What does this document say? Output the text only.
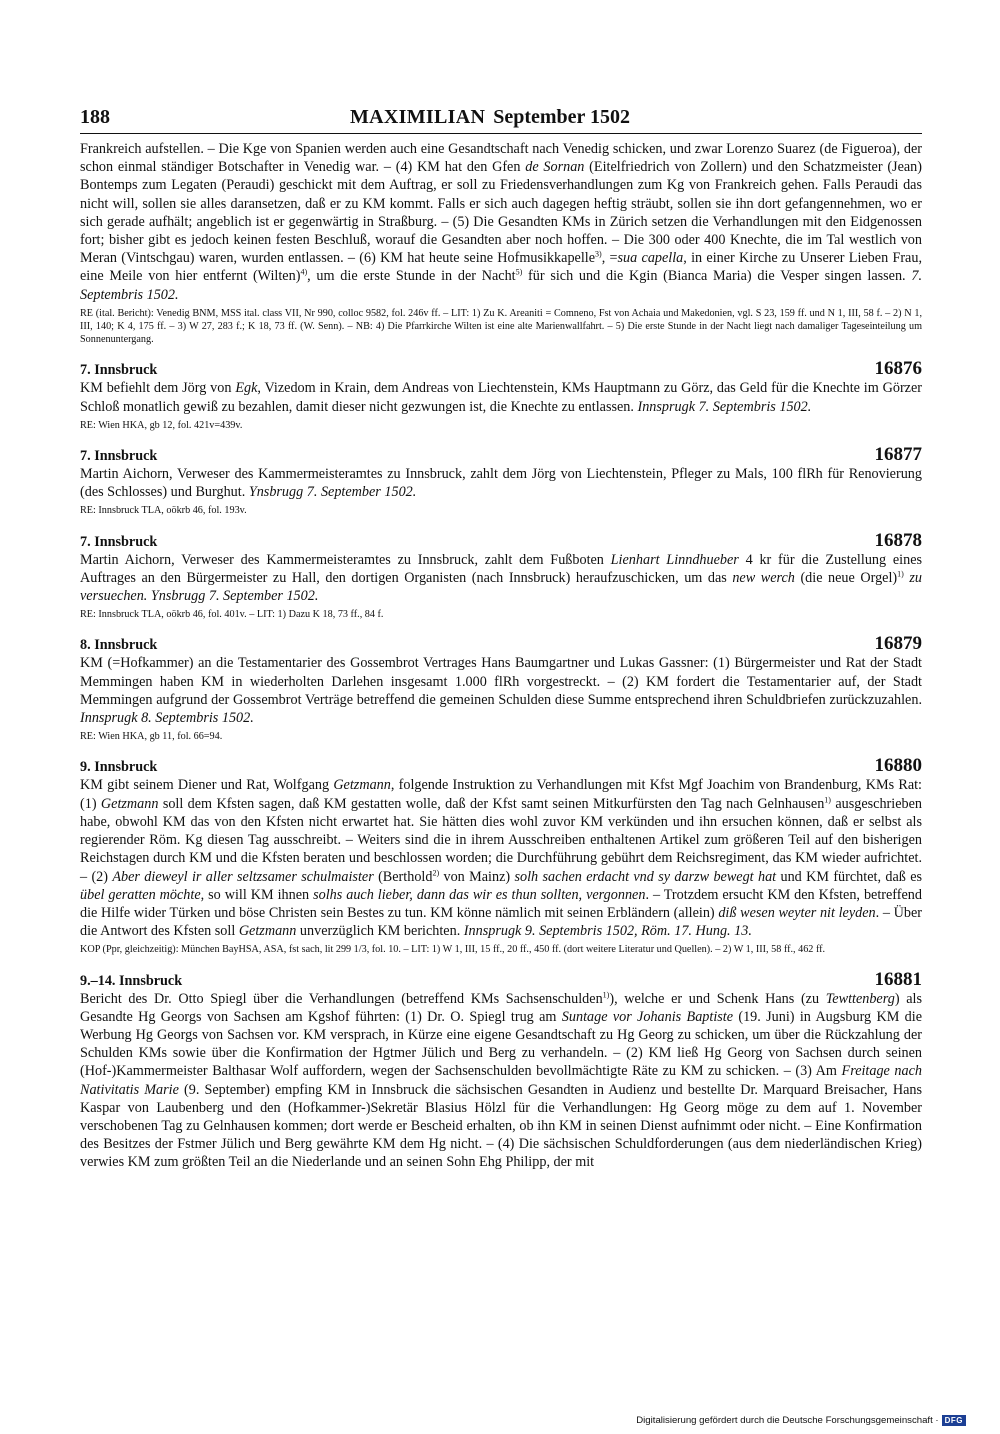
188	MAXIMILIAN September 1502

Frankreich aufstellen. – Die Kge von Spanien werden auch eine Gesandtschaft nach Venedig schicken, und zwar Lorenzo Suarez (de Figueroa), der schon einmal ständiger Botschafter in Venedig war. – (4) KM hat den Gfen de Sornan (Eitelfriedrich von Zollern) und den Schatzmeister (Jean) Bontemps zum Legaten (Peraudi) geschickt mit dem Auftrag, er soll zu Friedensverhandlungen zum Kg von Frankreich gehen. Falls Peraudi das nicht will, sollen sie alles daransetzen, daß er zu KM kommt. Falls er sich auch dagegen heftig sträubt, sollen sie ihn dort gefangennehmen, wo er sich gerade aufhält; angeblich ist er gegenwärtig in Straßburg. – (5) Die Gesandten KMs in Zürich setzen die Verhandlungen mit den Eidgenossen fort; bisher gibt es jedoch keinen festen Beschluß, worauf die Gesandten aber noch hoffen. – Die 300 oder 400 Knechte, die im Tal westlich von Meran (Vintschgau) waren, wurden entlassen. – (6) KM hat heute seine Hofmusikkapelle$^{3)}$, =sua capella, in einer Kirche zu Unserer Lieben Frau, eine Meile von hier entfernt (Wilten)$^{4)}$, um die erste Stunde in der Nacht$^{5)}$ für sich und die Kgin (Bianca Maria) die Vesper singen lassen. 7. Septembris 1502.

RE (ital. Bericht): Venedig BNM, MSS ital. class VII, Nr 990, colloc 9582, fol. 246v ff. – LIT: 1) Zu K. Areaniti = Comneno, Fst von Achaia und Makedonien, vgl. S 23, 159 ff. und N 1, III, 58 f. – 2) N 1, III, 140; K 4, 175 ff. – 3) W 27, 283 f.; K 18, 73 ff. (W. Senn). – NB: 4) Die Pfarrkirche Wilten ist eine alte Marienwallfahrt. – 5) Die erste Stunde in der Nacht liegt nach damaliger Tageseinteilung um Sonnenuntergang.

7. Innsbruck	16876

KM befiehlt dem Jörg von Egk, Vizedom in Krain, dem Andreas von Liechtenstein, KMs Hauptmann zu Görz, das Geld für die Knechte im Görzer Schloß monatlich gewiß zu bezahlen, damit dieser nicht gezwungen ist, die Knechte zu entlassen. Innsprugk 7. Septembris 1502.

RE: Wien HKA, gb 12, fol. 421v=439v.

7. Innsbruck	16877

Martin Aichorn, Verweser des Kammermeisteramtes zu Innsbruck, zahlt dem Jörg von Liechtenstein, Pfleger zu Mals, 100 flRh für Renovierung (des Schlosses) und Burghut. Ynsbrugg 7. September 1502.

RE: Innsbruck TLA, oökrb 46, fol. 193v.

7. Innsbruck	16878

Martin Aichorn, Verweser des Kammermeisteramtes zu Innsbruck, zahlt dem Fußboten Lienhart Linndhueber 4 kr für die Zustellung eines Auftrages an den Bürgermeister zu Hall, den dortigen Organisten (nach Innsbruck) heraufzuschicken, um das new werch (die neue Orgel)$^{1)}$ zu versuechen. Ynsbrugg 7. September 1502.

RE: Innsbruck TLA, oökrb 46, fol. 401v. – LIT: 1) Dazu K 18, 73 ff., 84 f.

8. Innsbruck	16879

KM (=Hofkammer) an die Testamentarier des Gossembrot Vertrages Hans Baumgartner und Lukas Gassner: (1) Bürgermeister und Rat der Stadt Memmingen haben KM in wiederholten Darlehen insgesamt 1.000 flRh vorgestreckt. – (2) KM fordert die Testamentarier auf, der Stadt Memmingen aufgrund der Gossembrot Verträge betreffend die gemeinen Schulden diese Summe entsprechend ihren Schuldbriefen zurückzuzahlen. Innsprugk 8. Septembris 1502.

RE: Wien HKA, gb 11, fol. 66=94.

9. Innsbruck	16880

KM gibt seinem Diener und Rat, Wolfgang Getzmann, folgende Instruktion zu Verhandlungen mit Kfst Mgf Joachim von Brandenburg, KMs Rat: (1) Getzmann soll dem Kfsten sagen, daß KM gestatten wolle, daß der Kfst samt seinen Mitkurfürsten den Tag nach Gelnhausen$^{1)}$ ausgeschrieben habe, obwohl KM das von den Kfsten nicht erwartet hat. Sie hätten dies wohl zuvor KM verkünden und ihn ersuchen können, daß er selbst als regierender Röm. Kg diesen Tag ausschreibt. – Weiters sind die in ihrem Ausschreiben enthaltenen Artikel zum größeren Teil auf den bisherigen Reichstagen durch KM und die Kfsten beraten und beschlossen worden; die Durchführung gebührt dem Reichsregiment, das KM wieder aufrichtet. – (2) Aber dieweyl ir aller seltzsamer schulmaister (Berthold$^{2)}$ von Mainz) solh sachen erdacht vnd sy darzw bewegt hat und KM fürchtet, daß es übel geratten möchte, so will KM ihnen solhs auch lieber, dann das wir es thun sollten, vergonnen. – Trotzdem ersucht KM den Kfsten, betreffend die Hilfe wider Türken und böse Christen sein Bestes zu tun. KM könne nämlich mit seinen Erbländern (allein) diß wesen weyter nit leyden. – Über die Antwort des Kfsten soll Getzmann unverzüglich KM berichten. Innsprugk 9. Septembris 1502, Röm. 17. Hung. 13.

KOP (Ppr, gleichzeitig): München BayHSA, ASA, fst sach, lit 299 1/3, fol. 10. – LIT: 1) W 1, III, 15 ff., 20 ff., 450 ff. (dort weitere Literatur und Quellen). – 2) W 1, III, 58 ff., 462 ff.

9.–14. Innsbruck	16881

Bericht des Dr. Otto Spiegl über die Verhandlungen (betreffend KMs Sachsenschulden$^{1)}$), welche er und Schenk Hans (zu Tewttenberg) als Gesandte Hg Georgs von Sachsen am Kgshof führten: (1) Dr. O. Spiegl trug am Suntage vor Johanis Baptiste (19. Juni) in Augsburg KM die Werbung Hg Georgs von Sachsen vor. KM versprach, in Kürze eine eigene Gesandtschaft zu Hg Georg zu schicken, um über die Rückzahlung der Schulden KMs sowie über die Konfirmation der Hgtmer Jülich und Berg zu verhandeln. – (2) KM ließ Hg Georg von Sachsen durch seinen (Hof-)Kammermeister Balthasar Wolf auffordern, wegen der Sachsenschulden bevollmächtigte Räte zu KM zu schicken. – (3) Am Freitage nach Nativitatis Marie (9. September) empfing KM in Innsbruck die sächsischen Gesandten in Audienz und bestellte Dr. Marquard Breisacher, Hans Kaspar von Laubenberg und den (Hofkammer-)Sekretär Blasius Hölzl für die Verhandlungen: Hg Georg möge zu dem auf 1. November verschobenen Tag zu Gelnhausen kommen; dort werde er Bescheid erhalten, ob ihn KM in seinen Dienst aufnimmt oder nicht. – Eine Konfirmation des Besitzes der Fstmer Jülich und Berg gewährte KM dem Hg nicht. – (4) Die sächsischen Schuldforderungen (aus dem niederländischen Krieg) verwies KM zum größten Teil an die Niederlande und an seinen Sohn Ehg Philipp, der mit

Digitalisierung gefördert durch die Deutsche Forschungsgemeinschaft · DFG
